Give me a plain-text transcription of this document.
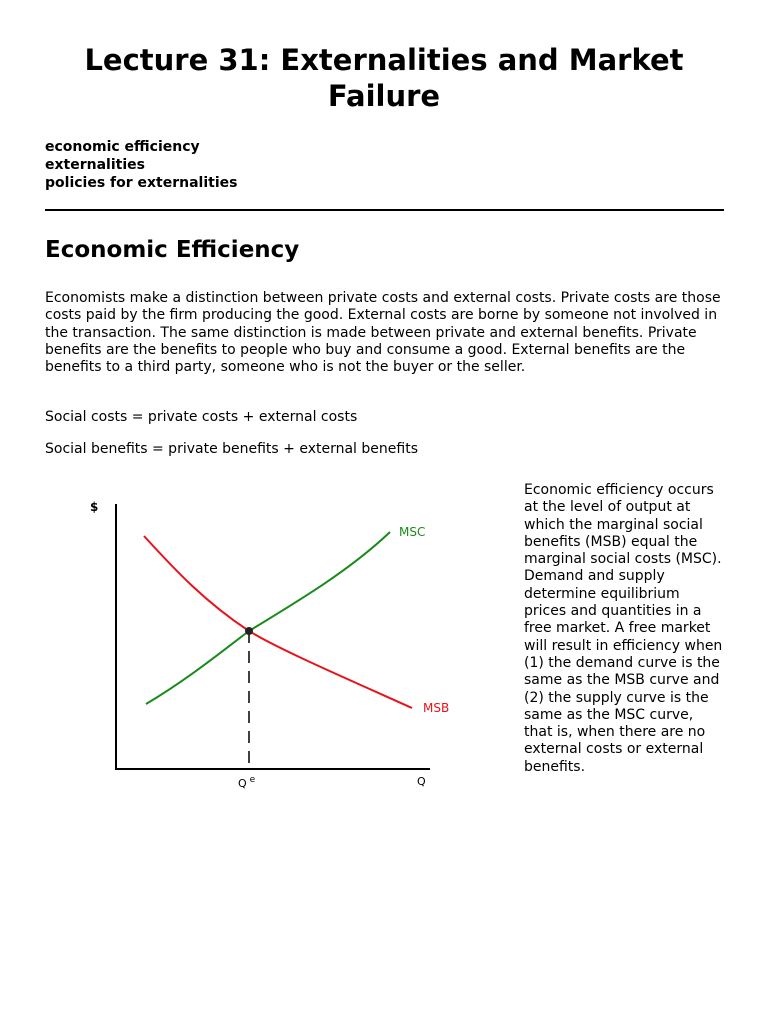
Lecture 31: Externalities and Market Failure
economic efficiency
externalities
policies for externalities
Economic Efficiency

Economists make a distinction between private costs and external costs. Private costs are those costs paid by the firm producing the good. External costs are borne by someone not involved in the transaction. The same distinction is made between private and external benefits. Private benefits are the benefits to people who buy and consume a good. External benefits are the benefits to a third party, someone who is not the buyer or the seller.

Social costs = private costs + external costs
Social benefits = private benefits + external benefits
$
MSC
MSB
Q $^e$	Q

Economic efficiency occurs at the level of output at which the marginal social benefits (MSB) equal the marginal social costs (MSC). Demand and supply determine equilibrium prices and quantities in a free market. A free market will result in efficiency when (1) the demand curve is the same as the MSB curve and (2) the supply curve is the same as the MSC curve, that is, when there are no external costs or external benefits.
